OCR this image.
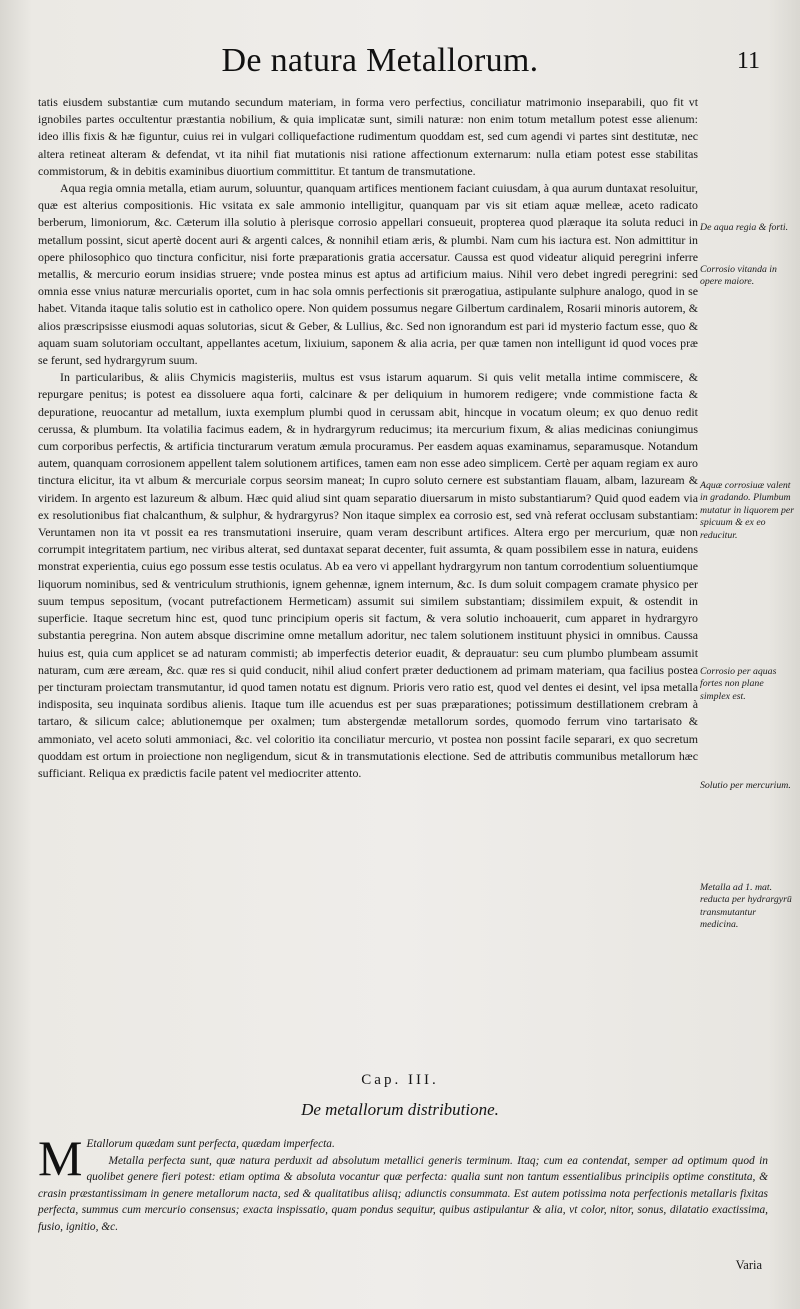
De natura Metallorum.	11

tatis eiusdem substantiæ cum mutando secundum materiam, in forma vero perfectius, conciliatur matrimonio inseparabili, quo fit vt ignobiles partes occultentur præstantia nobilium, & quia implicatæ sunt, simili naturæ: non enim totum metallum potest esse alienum: ideo illis fixis & hæ figuntur, cuius rei in vulgari colliquefactione rudimentum quoddam est, sed cum agendi vi partes sint destitutæ, nec altera retineat alteram & defendat, vt ita nihil fiat mutationis nisi ratione affectionum externarum: nulla etiam potest esse stabilitas commistorum, & in debitis examinibus diuortium committitur. Et tantum de transmutatione.

Aqua regia omnia metalla, etiam aurum, soluuntur, quanquam artifices mentionem faciant cuiusdam, à qua aurum duntaxat resoluitur, quæ est alterius compositionis. Hic vsitata ex sale ammonio intelligitur, quanquam par vis sit etiam aquæ melleæ, aceto radicato berberum, limoniorum, &c. Cæterum illa solutio à plerisque corrosio appellari consueuit, propterea quod plæraque ita soluta reduci in metallum possint, sicut apertè docent auri & argenti calces, & nonnihil etiam æris, & plumbi. Nam cum his iactura est. Non admittitur in opere philosophico quo tinctura conficitur, nisi forte præparationis gratia accersatur. Caussa est quod videatur aliquid peregrini inferre metallis, & mercurio eorum insidias struere; vnde postea minus est aptus ad artificium maius. Nihil vero debet ingredi peregrini: sed omnia esse vnius naturæ mercurialis oportet, cum in hac sola omnis perfectionis sit prærogatiua, astipulante sulphure analogo, quod in se habet. Vitanda itaque talis solutio est in catholico opere. Non quidem possumus negare Gilbertum cardinalem, Rosarii minoris autorem, & alios præscripsisse eiusmodi aquas solutorias, sicut & Geber, & Lullius, &c. Sed non ignorandum est pari id mysterio factum esse, quo & aquam suam solutoriam occultant, appellantes acetum, lixiuium, saponem & alia acria, per quæ tamen non intelligunt id quod voces præ se ferunt, sed hydrargyrum suum.

In particularibus, & aliis Chymicis magisteriis, multus est vsus istarum aquarum. Si quis velit metalla intime commiscere, & repurgare penitus; is potest ea dissoluere aqua forti, calcinare & per deliquium in humorem redigere; vnde commistione facta & depuratione, reuocantur ad metallum, iuxta exemplum plumbi quod in cerussam abit, hincque in vocatum oleum; ex quo denuo redit cerussa, & plumbum. Ita volatilia facimus eadem, & in hydrargyrum reducimus; ita mercurium fixum, & alias medicinas coniungimus cum corporibus perfectis, & artificia tincturarum veratum æmula procuramus. Per easdem aquas examinamus, separamusque. Notandum autem, quanquam corrosionem appellent talem solutionem artifices, tamen eam non esse adeo simplicem. Certè per aquam regiam ex auro tinctura elicitur, ita vt album & mercuriale corpus seorsim maneat; In cupro soluto cernere est substantiam flauam, albam, lazuream & viridem. In argento est lazureum & album. Hæc quid aliud sint quam separatio diuersarum in misto substantiarum? Quid quod eadem via ex resolutionibus fiat chalcanthum, & sulphur, & hydrargyrus? Non itaque simplex ea corrosio est, sed vnà referat occlusam substantiam: Veruntamen non ita vt possit ea res transmutationi inseruire, quam veram describunt artifices. Altera ergo per mercurium, quæ non corrumpit integritatem partium, nec viribus alterat, sed duntaxat separat decenter, fuit assumta, & quam possibilem esse in natura, euidens monstrat experientia, cuius ego possum esse testis oculatus. Ab ea vero vi appellant hydrargyrum non tantum corrodentium soluentiumque liquorum nominibus, sed & ventriculum struthionis, ignem gehennæ, ignem internum, &c. Is dum soluit compagem cramate physico per suum tempus sepositum, (vocant putrefactionem Hermeticam) assumit sui similem substantiam; dissimilem expuit, & ostendit in superficie. Itaque secretum hinc est, quod tunc principium operis sit factum, & vera solutio inchoauerit, cum apparet in hydrargyro substantia peregrina. Non autem absque discrimine omne metallum adoritur, nec talem solutionem instituunt physici in omnibus. Caussa huius est, quia cum applicet se ad naturam commisti; ab imperfectis deterior euadit, & deprauatur: seu cum plumbo plumbeam assumit naturam, cum ære æream, &c. quæ res si quid conducit, nihil aliud confert præter deductionem ad primam materiam, qua facilius postea per tincturam proiectam transmutantur, id quod tamen notatu est dignum. Prioris vero ratio est, quod vel dentes ei desint, vel ipsa metalla indisposita, seu inquinata sordibus alienis. Itaque tum ille acuendus est per suas præparationes; potissimum destillationem crebram à tartaro, & silicum calce; ablutionemque per oxalmen; tum abstergendæ metallorum sordes, quomodo ferrum vino tartarisato & ammoniato, vel aceto soluti ammoniaci, &c. vel coloritio ita conciliatur mercurio, vt postea non possint facile separari, ex quo secretum quoddam est ortum in proiectione non negligendum, sicut & in transmutationis electione. Sed de attributis communibus metallorum hæc sufficiant. Reliqua ex prædictis facile patent vel mediocriter attento.

De aqua regia & forti.
Corrosio vitanda in opere maiore.
Aquæ corrosiuæ valent in gradando. Plumbum mutatur in liquorem per spicuum & ex eo reducitur.
Corrosio per aquas fortes non plane simplex est.
Solutio per mercurium.
Metalla ad 1. mat. reducta per hydrargyrū transmutantur medicina.
Cap. III.
De metallorum distributione.
M Etallorum quædam sunt perfecta, quædam imperfecta.

Metalla perfecta sunt, quæ natura perduxit ad absolutum metallici generis terminum. Itaq; cum ea contendat, semper ad optimum quod in quolibet genere fieri potest: etiam optima & absoluta vocantur quæ perfecta: qualia sunt non tantum essentialibus principiis optime constituta, & crasin præstantissimam in genere metallorum nacta, sed & qualitatibus aliisq; adiunctis consummata. Est autem potissima nota perfectionis metallaris fixitas perfecta, summus cum mercurio consensus; exacta inspissatio, quam pondus sequitur, quibus astipulantur & alia, vt color, nitor, sonus, dilatatio exactissima, fusio, ignitio, &c.

Varia
